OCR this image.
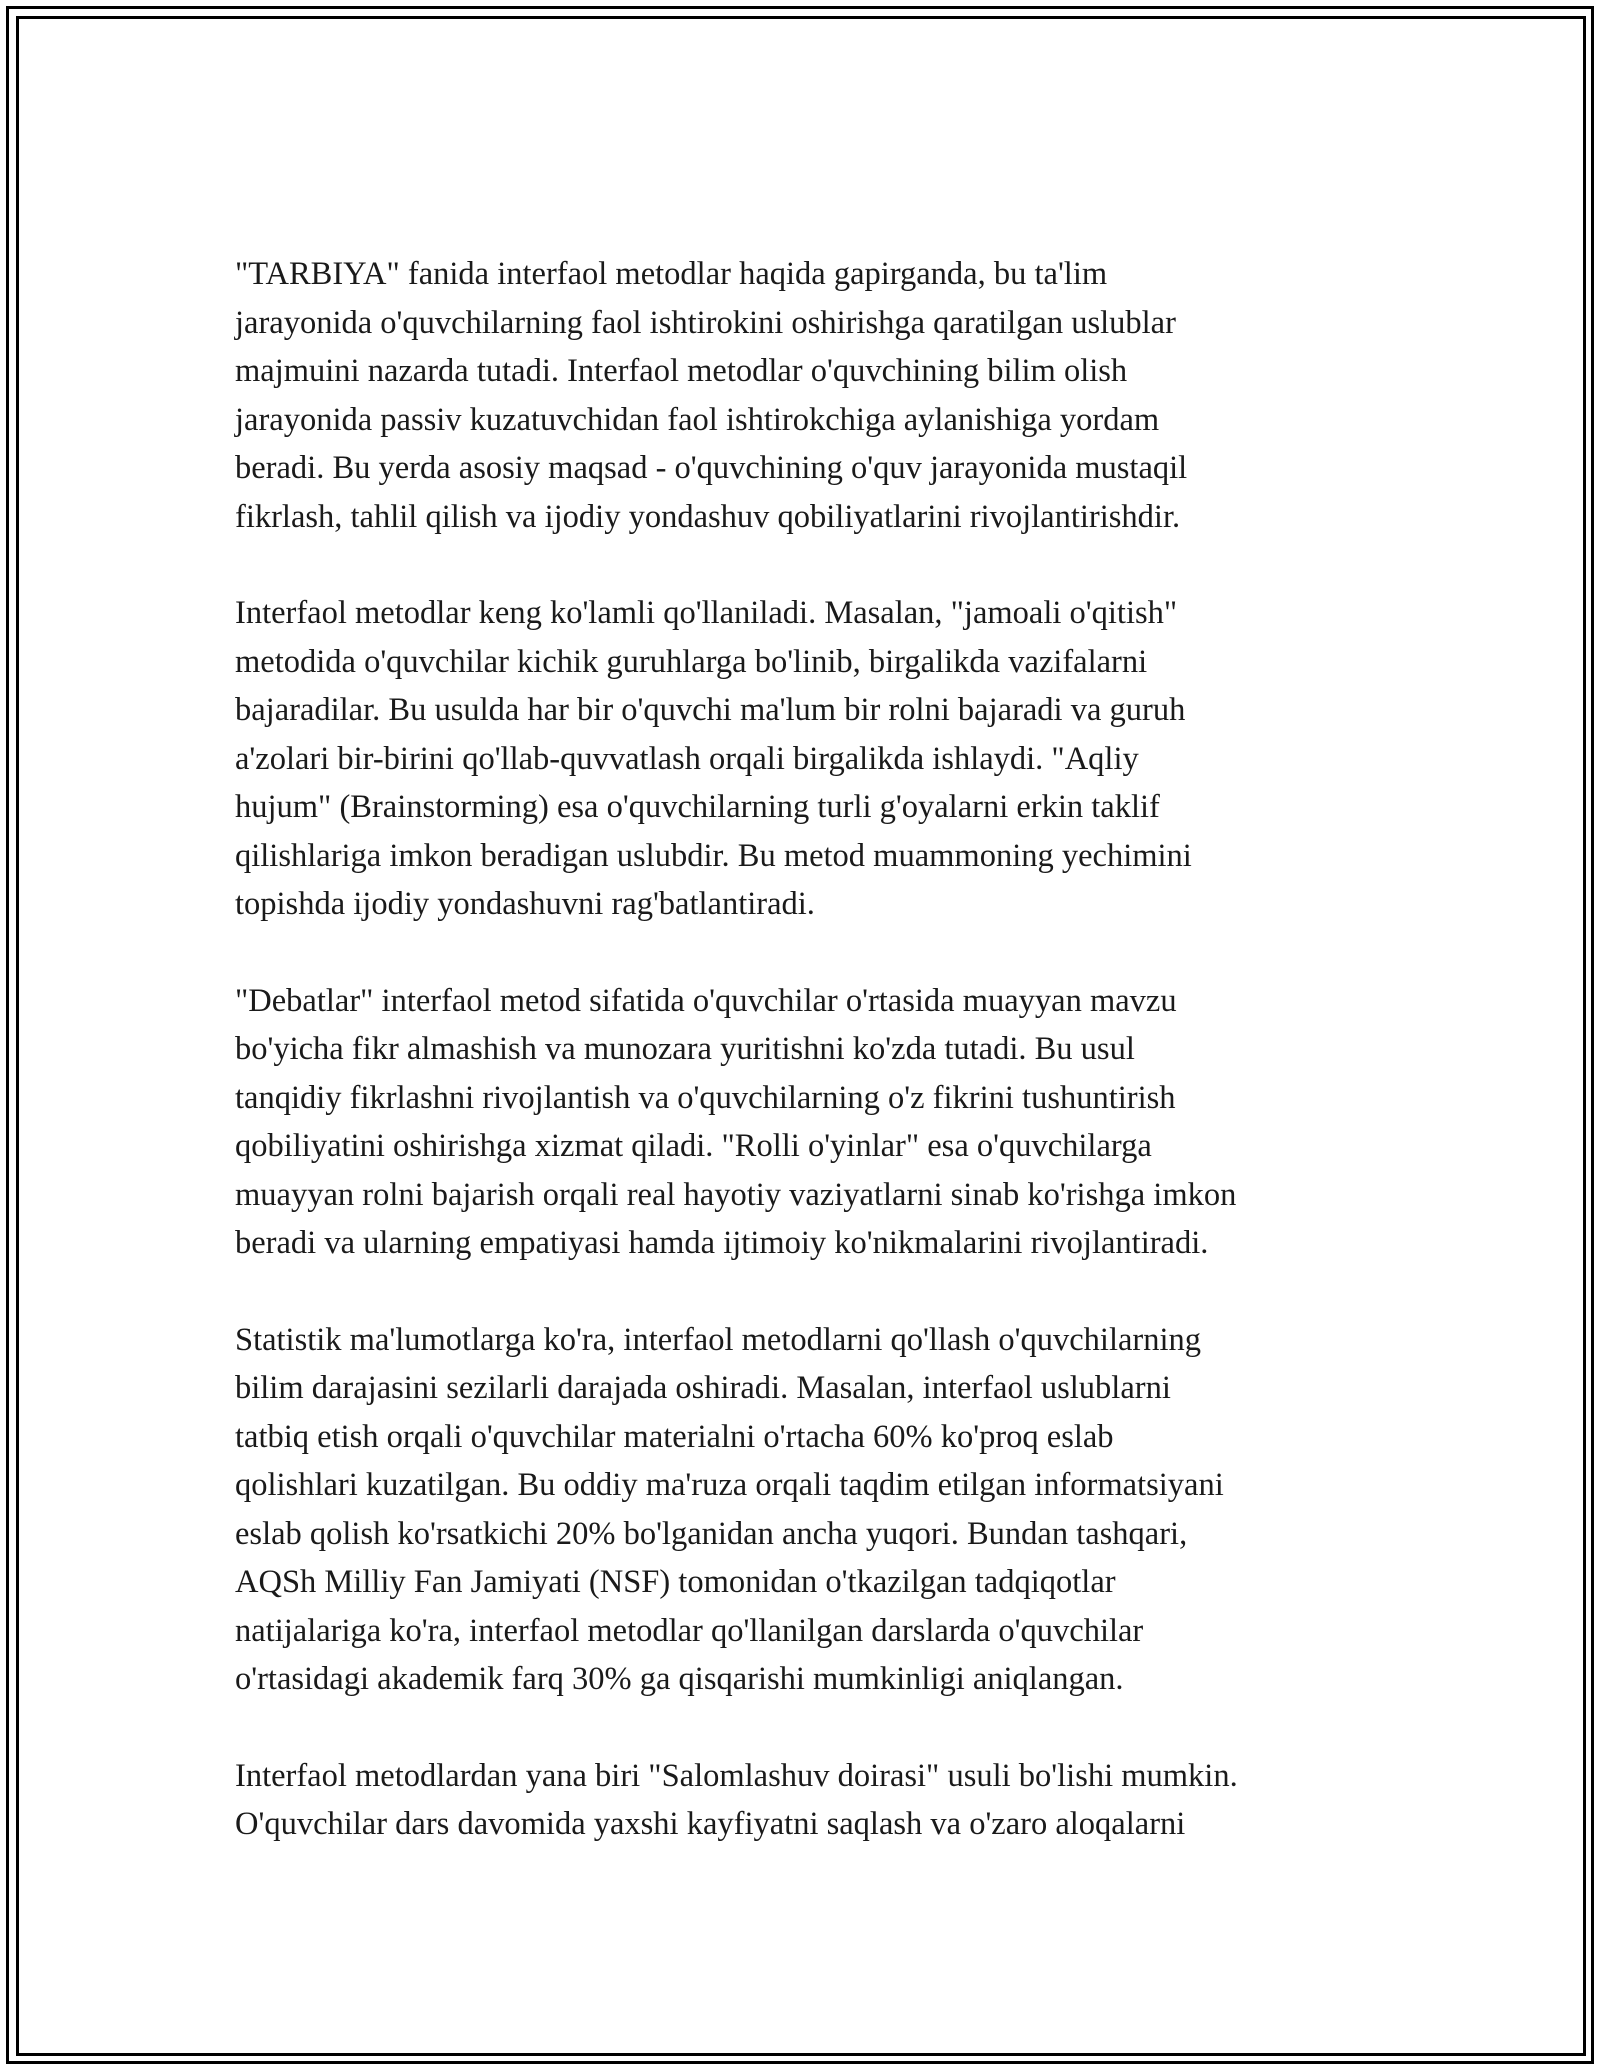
"TARBIYA" fanida interfaol metodlar haqida gapirganda, bu ta'lim
jarayonida o'quvchilarning faol ishtirokini oshirishga qaratilgan uslublar
majmuini nazarda tutadi. Interfaol metodlar o'quvchining bilim olish
jarayonida passiv kuzatuvchidan faol ishtirokchiga aylanishiga yordam
beradi. Bu yerda asosiy maqsad - o'quvchining o'quv jarayonida mustaqil
fikrlash, tahlil qilish va ijodiy yondashuv qobiliyatlarini rivojlantirishdir.

Interfaol metodlar keng ko'lamli qo'llaniladi. Masalan, "jamoali o'qitish"
metodida o'quvchilar kichik guruhlarga bo'linib, birgalikda vazifalarni
bajaradilar. Bu usulda har bir o'quvchi ma'lum bir rolni bajaradi va guruh
a'zolari bir-birini qo'llab-quvvatlash orqali birgalikda ishlaydi. "Aqliy
hujum" (Brainstorming) esa o'quvchilarning turli g'oyalarni erkin taklif
qilishlariga imkon beradigan uslubdir. Bu metod muammoning yechimini
topishda ijodiy yondashuvni rag'batlantiradi.

"Debatlar" interfaol metod sifatida o'quvchilar o'rtasida muayyan mavzu
bo'yicha fikr almashish va munozara yuritishni ko'zda tutadi. Bu usul
tanqidiy fikrlashni rivojlantish va o'quvchilarning o'z fikrini tushuntirish
qobiliyatini oshirishga xizmat qiladi. "Rolli o'yinlar" esa o'quvchilarga
muayyan rolni bajarish orqali real hayotiy vaziyatlarni sinab ko'rishga imkon
beradi va ularning empatiyasi hamda ijtimoiy ko'nikmalarini rivojlantiradi.

Statistik ma'lumotlarga ko'ra, interfaol metodlarni qo'llash o'quvchilarning
bilim darajasini sezilarli darajada oshiradi. Masalan, interfaol uslublarni
tatbiq etish orqali o'quvchilar materialni o'rtacha 60% ko'proq eslab
qolishlari kuzatilgan. Bu oddiy ma'ruza orqali taqdim etilgan informatsiyani
eslab qolish ko'rsatkichi 20% bo'lganidan ancha yuqori. Bundan tashqari,
AQSh Milliy Fan Jamiyati (NSF) tomonidan o'tkazilgan tadqiqotlar
natijalariga ko'ra, interfaol metodlar qo'llanilgan darslarda o'quvchilar
o'rtasidagi akademik farq 30% ga qisqarishi mumkinligi aniqlangan.

Interfaol metodlardan yana biri "Salomlashuv doirasi" usuli bo'lishi mumkin.
O'quvchilar dars davomida yaxshi kayfiyatni saqlash va o'zaro aloqalarni
